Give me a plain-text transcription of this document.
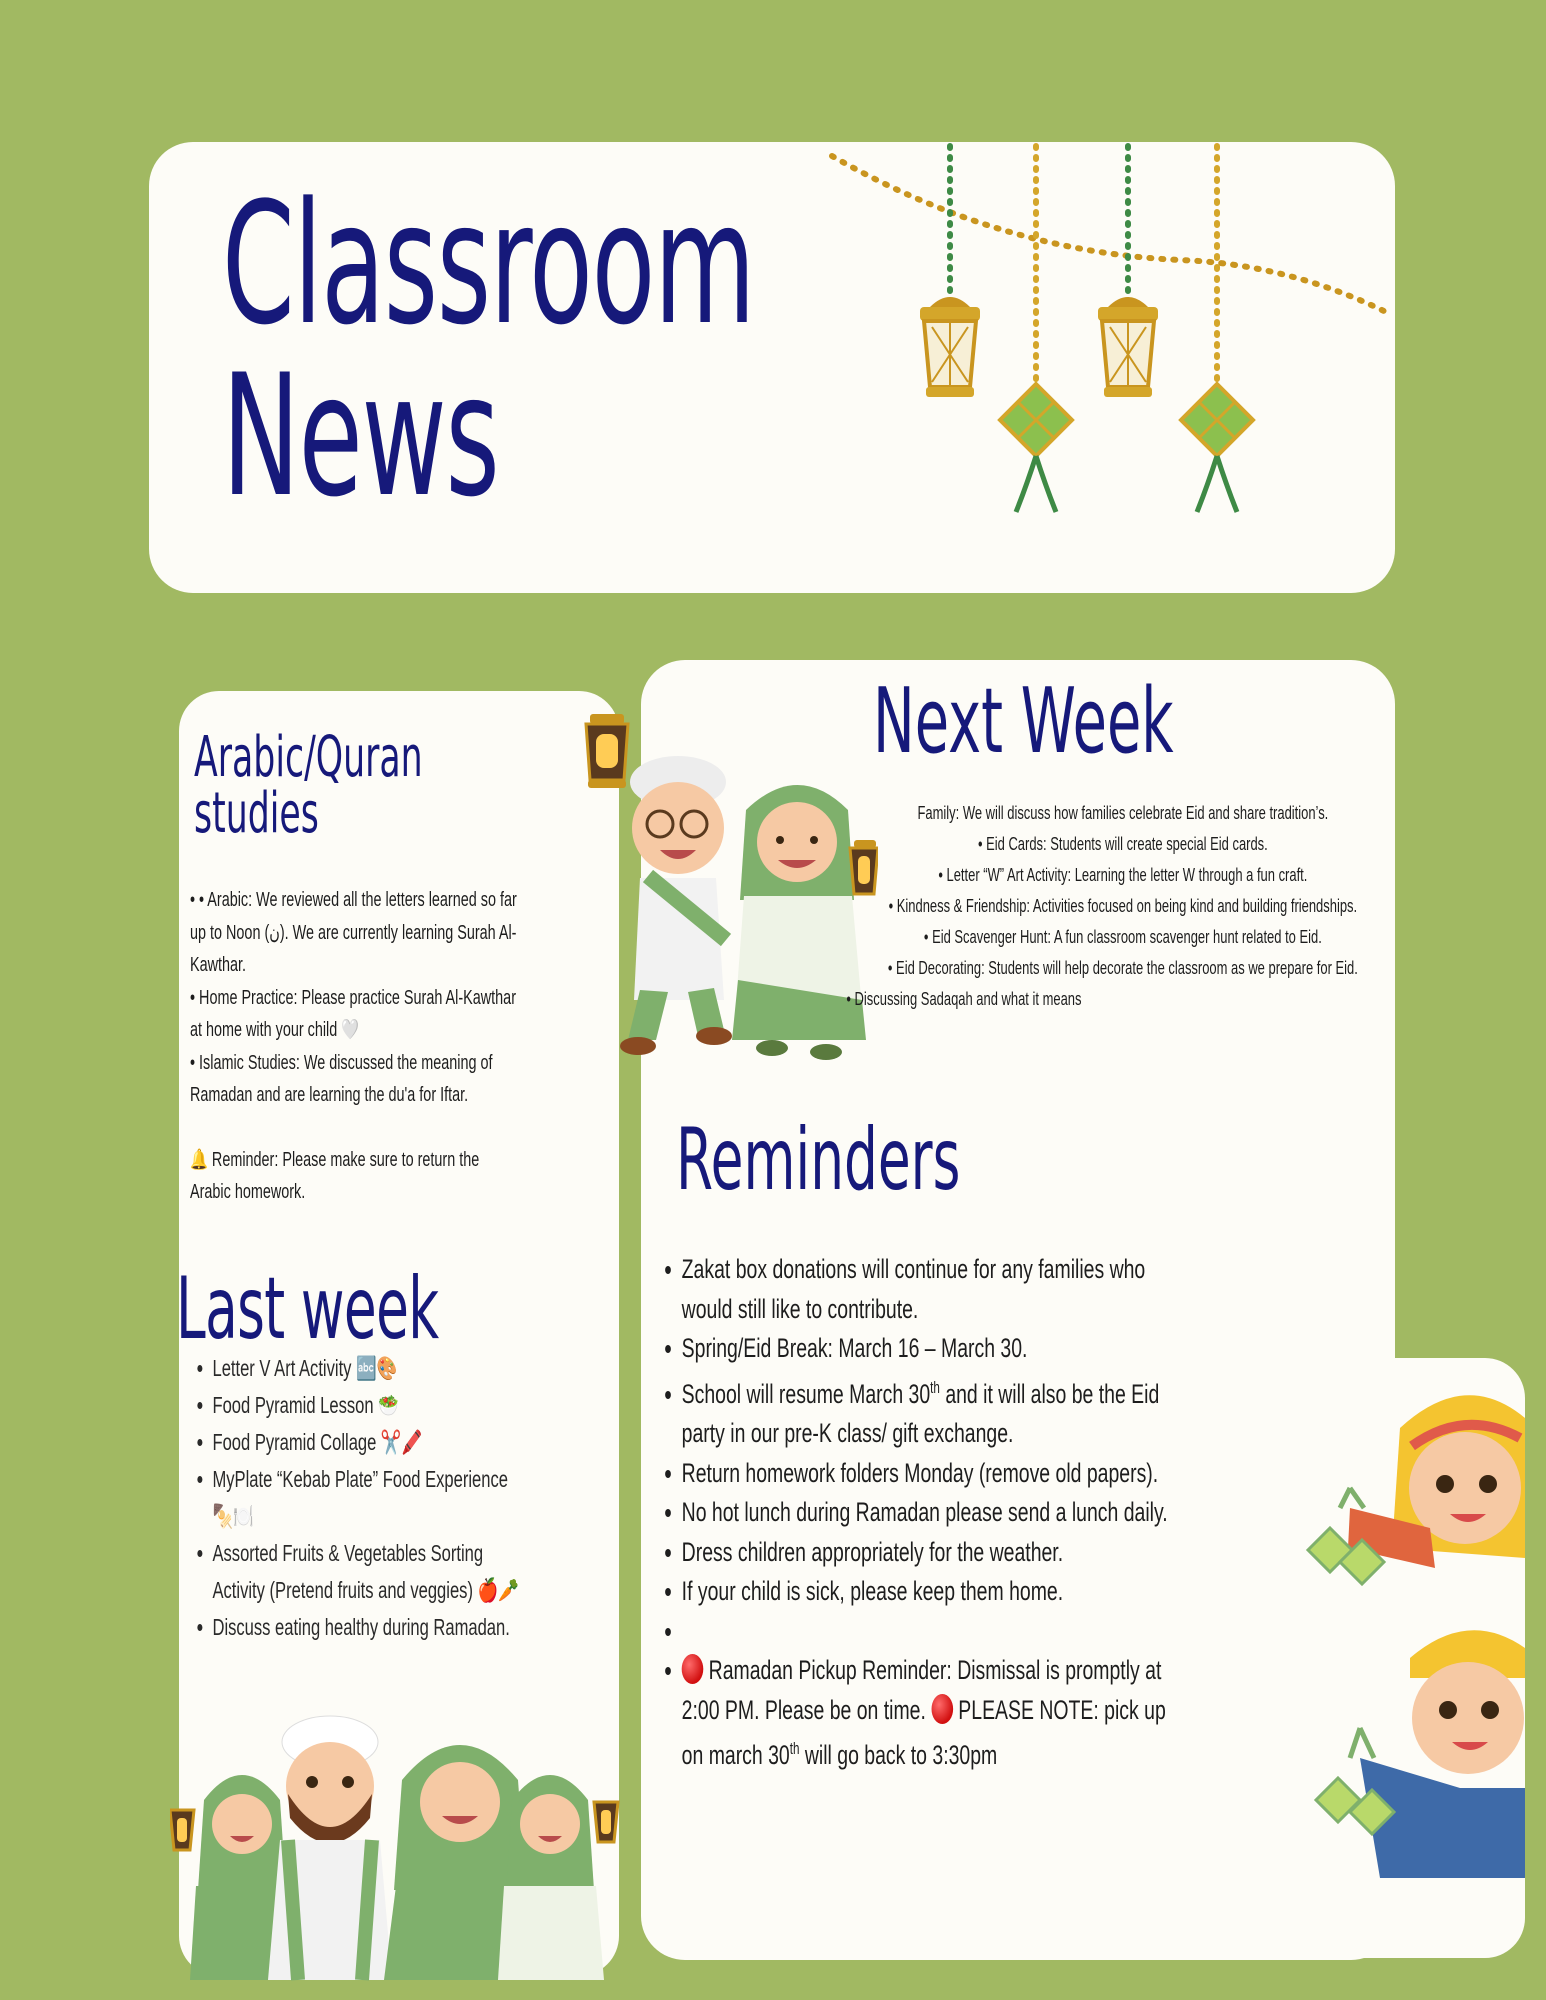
Classroom
News
Arabic/Quran
studies

• • Arabic: We reviewed all the letters learned so far up to Noon (ن). We are currently learning Surah Al-Kawthar.

• Home Practice: Please practice Surah Al-Kawthar at home with your child 🤍

• Islamic Studies: We discussed the meaning of Ramadan and are learning the du'a for Iftar.

🔔 Reminder: Please make sure to return the Arabic homework.

Last week
• Letter V Art Activity 🔤🎨
• Food Pyramid Lesson 🥗
• Food Pyramid Collage ✂️🖍️
• MyPlate “Kebab Plate” Food Experience 🍢🍽️
• Assorted Fruits & Vegetables Sorting Activity (Pretend fruits and veggies) 🍎🥕
• Discuss eating healthy during Ramadan.
Next Week
Family: We will discuss how families celebrate Eid and share tradition’s.
• Eid Cards: Students will create special Eid cards.
• Letter “W” Art Activity: Learning the letter W through a fun craft.
• Kindness & Friendship: Activities focused on being kind and building friendships.
• Eid Scavenger Hunt: A fun classroom scavenger hunt related to Eid.
• Eid Decorating: Students will help decorate the classroom as we prepare for Eid.
• Discussing Sadaqah and what it means
Reminders
• Zakat box donations will continue for any families who would still like to contribute.
• Spring/Eid Break: March 16 – March 30.
• School will resume March 30th and it will also be the Eid party in our pre-K class/ gift exchange.
• Return homework folders Monday (remove old papers).
• No hot lunch during Ramadan please send a lunch daily.
• Dress children appropriately for the weather.
• If your child is sick, please keep them home.
•
• Ramadan Pickup Reminder: Dismissal is promptly at 2:00 PM. Please be on time.  PLEASE NOTE: pick up on march 30th will go back to 3:30pm
